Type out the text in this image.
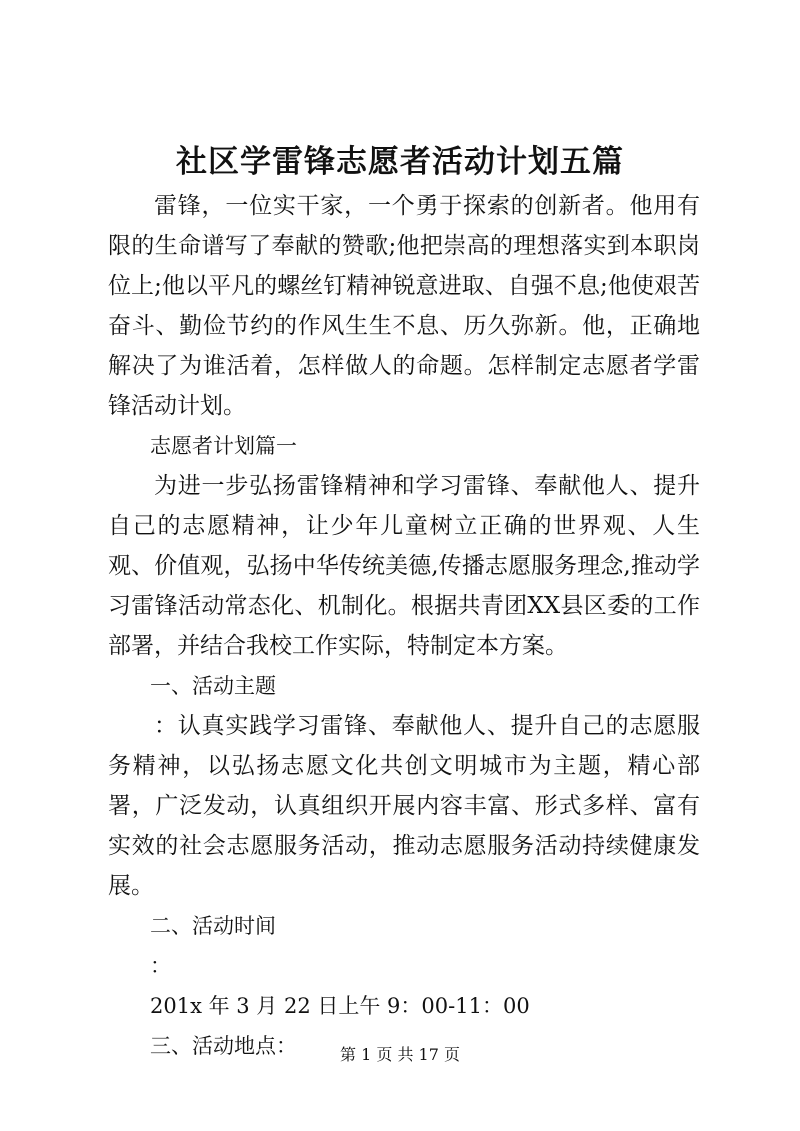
社区学雷锋志愿者活动计划五篇

雷锋，一位实干家，一个勇于探索的创新者。他用有限的生命谱写了奉献的赞歌;他把崇高的理想落实到本职岗位上;他以平凡的螺丝钉精神锐意进取、自强不息;他使艰苦奋斗、勤俭节约的作风生生不息、历久弥新。他，正确地解决了为谁活着，怎样做人的命题。怎样制定志愿者学雷锋活动计划。

志愿者计划篇一

为进一步弘扬雷锋精神和学习雷锋、奉献他人、提升自己的志愿精神，让少年儿童树立正确的世界观、人生观、价值观，弘扬中华传统美德,传播志愿服务理念,推动学习雷锋活动常态化、机制化。根据共青团XX县区委的工作部署，并结合我校工作实际，特制定本方案。

一、活动主题

：认真实践学习雷锋、奉献他人、提升自己的志愿服务精神，以弘扬志愿文化共创文明城市为主题，精心部署，广泛发动，认真组织开展内容丰富、形式多样、富有实效的社会志愿服务活动，推动志愿服务活动持续健康发展。

二、活动时间

：

201x 年 3 月 22 日上午 9：00-11：00

三、活动地点：	第 1 页 共 17 页
